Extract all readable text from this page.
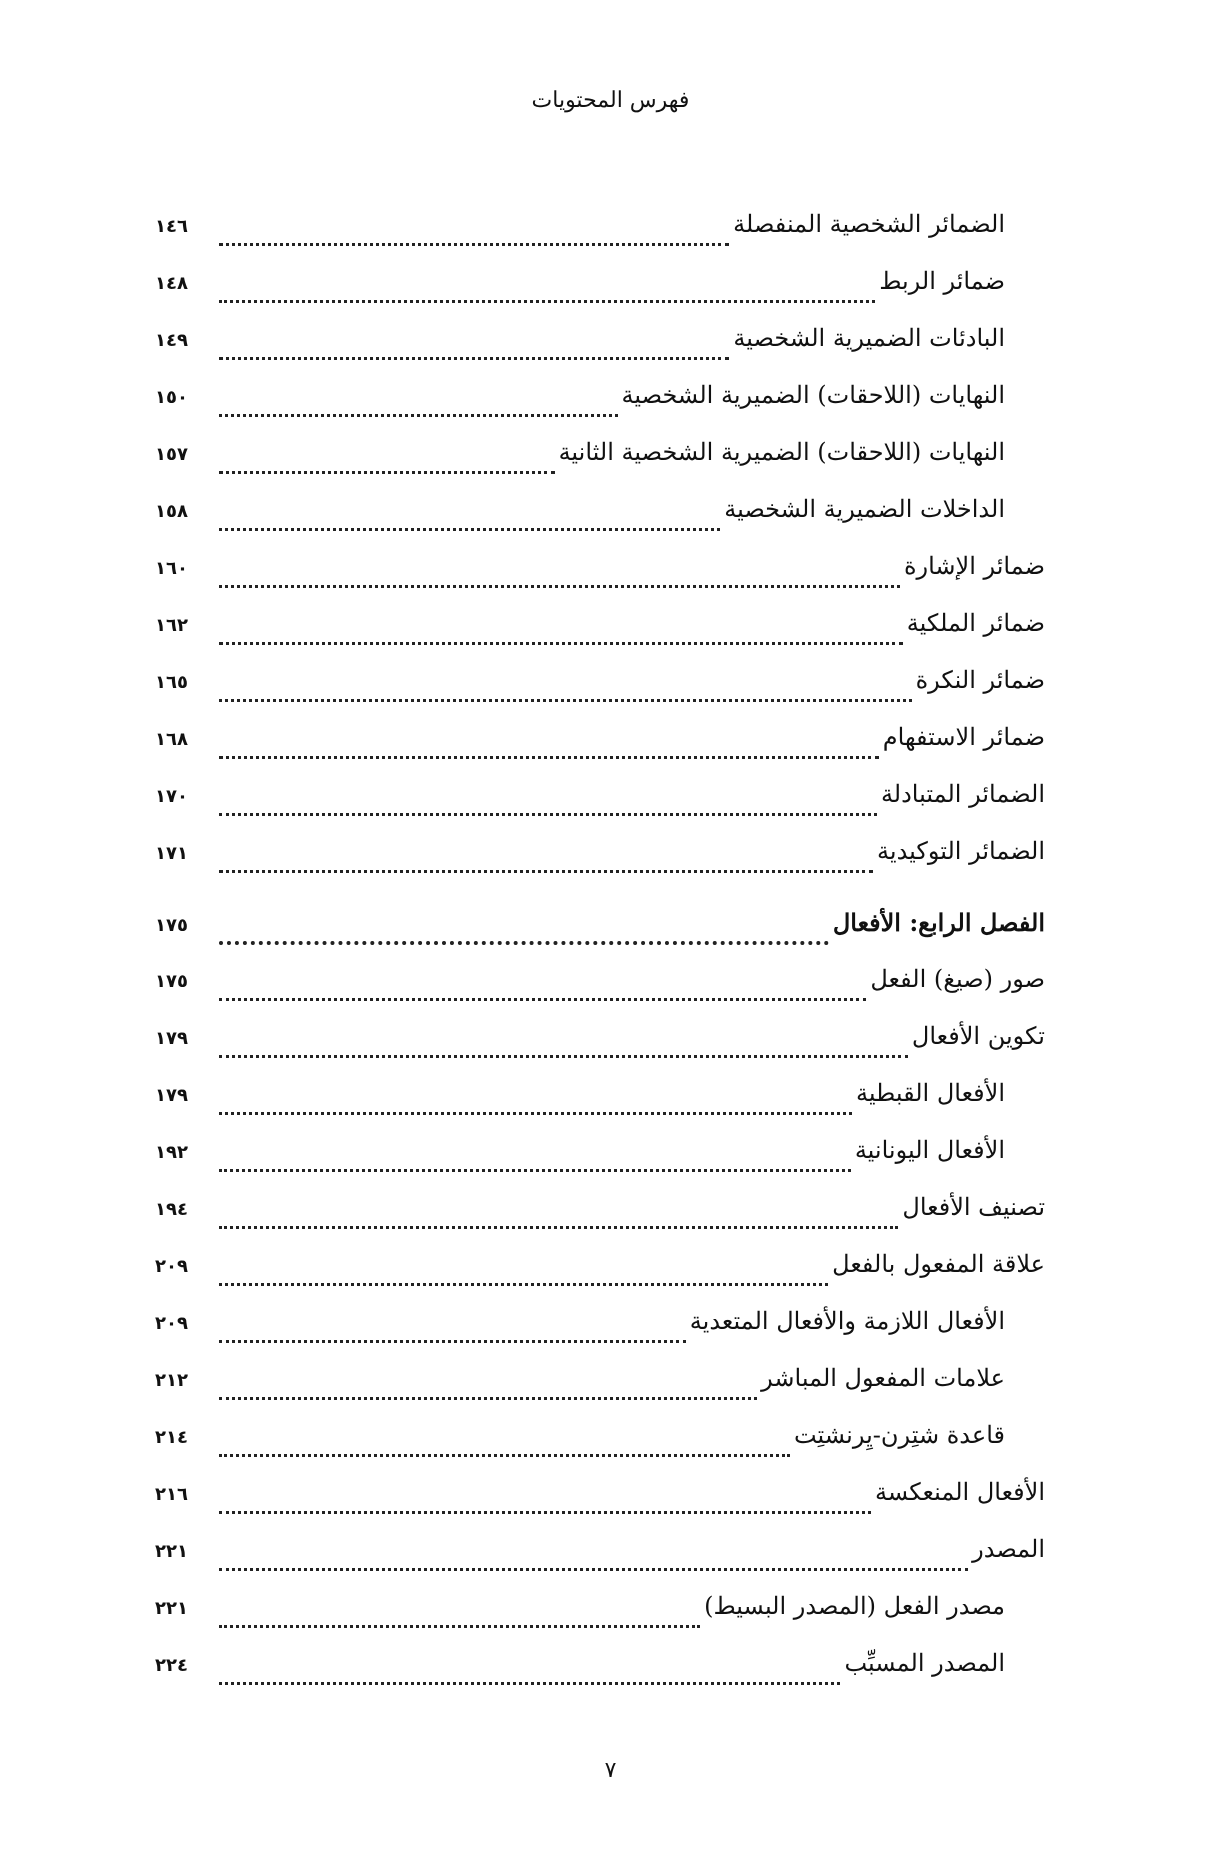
فهرس المحتويات
الضمائر الشخصية المنفصلة
١٤٦
ضمائر الربط
١٤٨
البادئات الضميرية الشخصية
١٤٩
النهايات (اللاحقات) الضميرية الشخصية
١٥٠
النهايات (اللاحقات) الضميرية الشخصية الثانية
١٥٧
الداخلات الضميرية الشخصية
١٥٨
ضمائر الإشارة
١٦٠
ضمائر الملكية
١٦٢
ضمائر النكرة
١٦٥
ضمائر الاستفهام
١٦٨
الضمائر المتبادلة
١٧٠
الضمائر التوكيدية
١٧١
الفصل الرابع: الأفعال
١٧٥
صور (صيغ) الفعل
١٧٥
تكوين الأفعال
١٧٩
الأفعال القبطية
١٧٩
الأفعال اليونانية
١٩٢
تصنيف الأفعال
١٩٤
علاقة المفعول بالفعل
٢٠٩
الأفعال اللازمة والأفعال المتعدية
٢٠٩
علامات المفعول المباشر
٢١٢
قاعدة شتِرن-يِرنشتِت
٢١٤
الأفعال المنعكسة
٢١٦
المصدر
٢٢١
مصدر الفعل (المصدر البسيط)
٢٢١
المصدر المسبِّب
٢٢٤
٧
